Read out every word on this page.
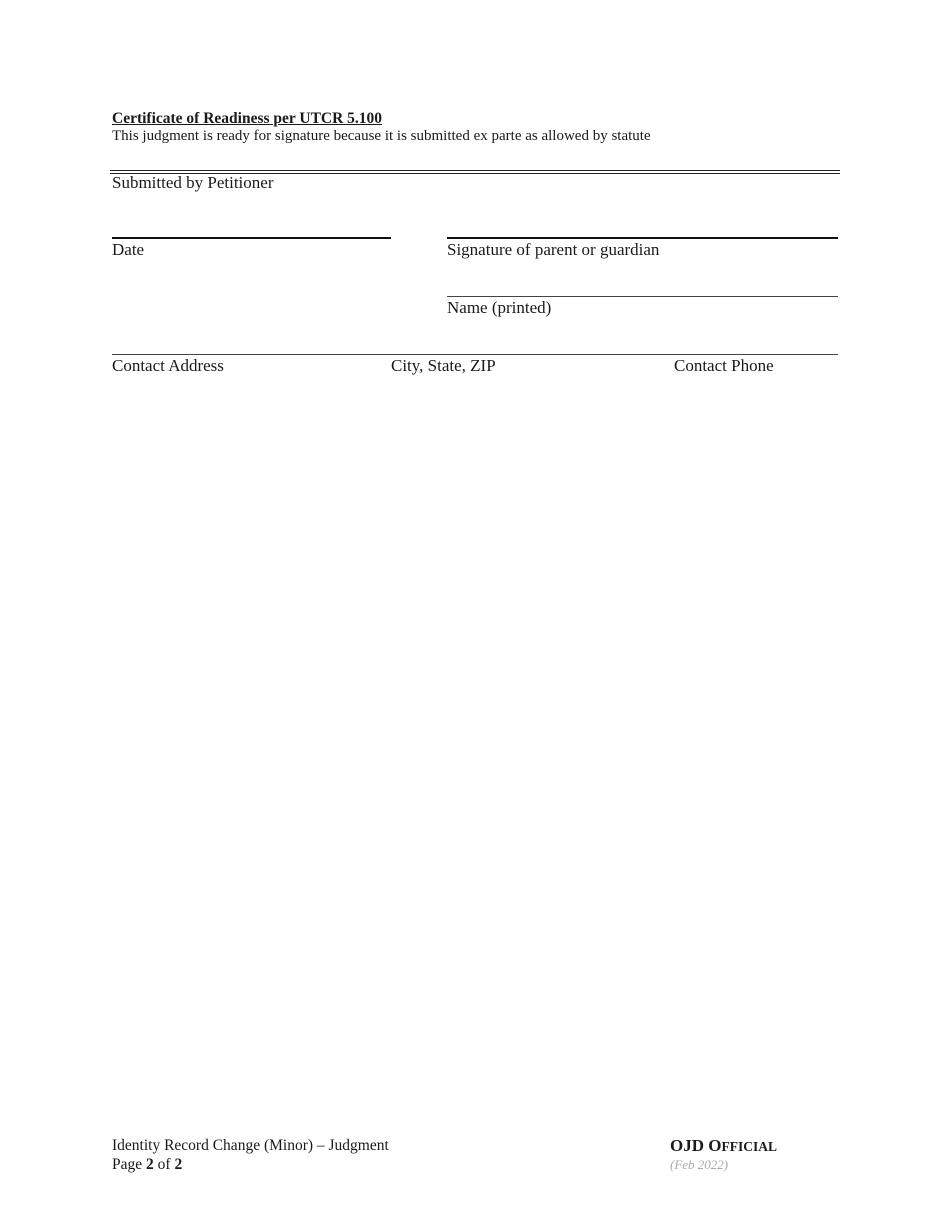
Certificate of Readiness per UTCR 5.100
This judgment is ready for signature because it is submitted ex parte as allowed by statute
Submitted by Petitioner
Date	Signature of parent or guardian
Name (printed)
Contact Address	City, State, ZIP	Contact Phone
Identity Record Change (Minor) – Judgment
Page 2 of 2
OJD OFFICIAL
(Feb 2022)
